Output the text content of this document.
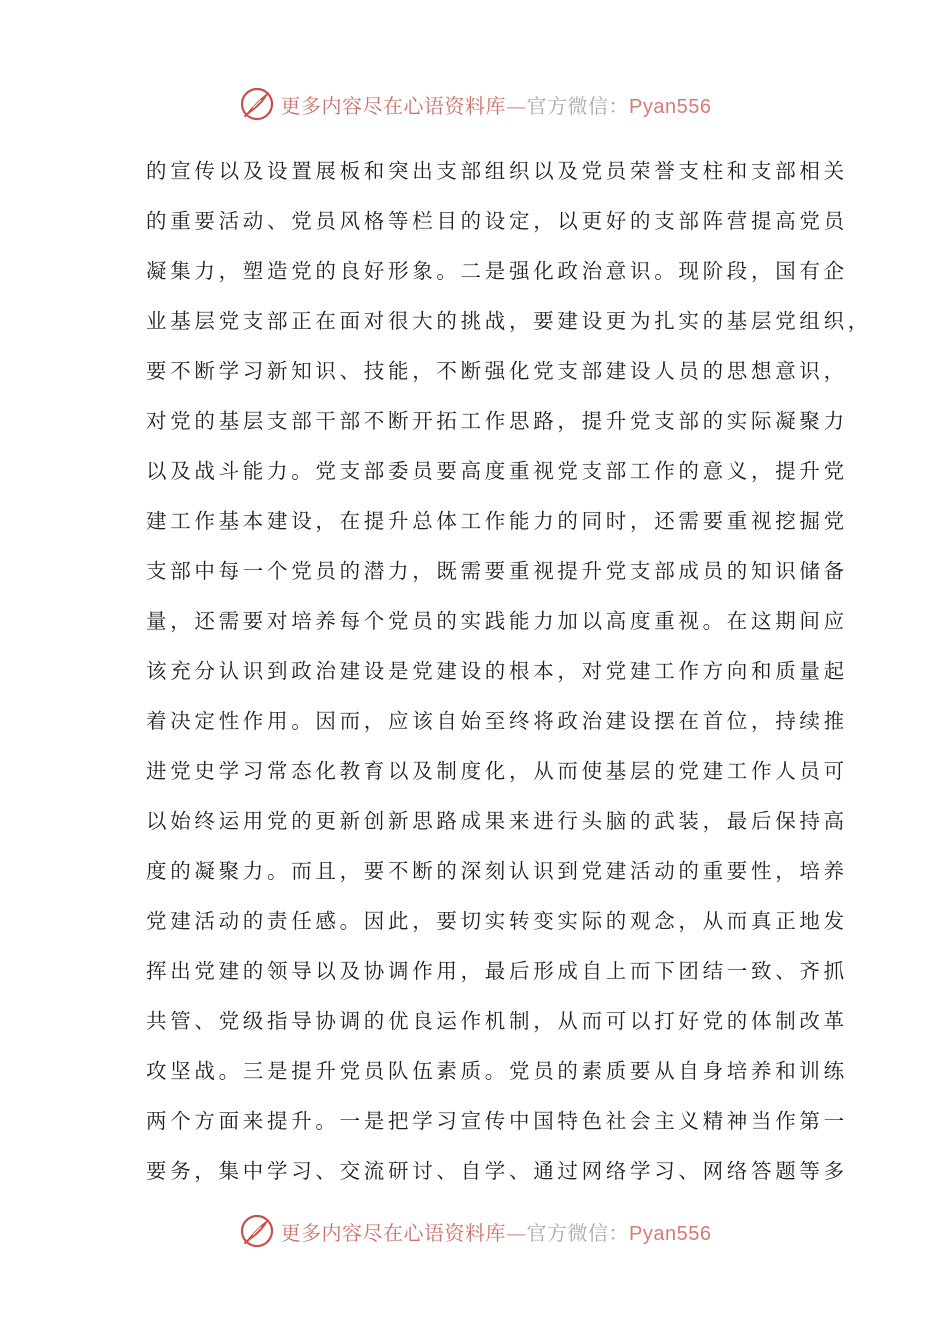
更多内容尽在心语资料库—官方微信：Pyan556
的宣传以及设置展板和突出支部组织以及党员荣誉支柱和支部相关
的重要活动、党员风格等栏目的设定，以更好的支部阵营提高党员
凝集力，塑造党的良好形象。二是强化政治意识。现阶段，国有企
业基层党支部正在面对很大的挑战，要建设更为扎实的基层党组织，
要不断学习新知识、技能，不断强化党支部建设人员的思想意识，
对党的基层支部干部不断开拓工作思路，提升党支部的实际凝聚力
以及战斗能力。党支部委员要高度重视党支部工作的意义，提升党
建工作基本建设，在提升总体工作能力的同时，还需要重视挖掘党
支部中每一个党员的潜力，既需要重视提升党支部成员的知识储备
量，还需要对培养每个党员的实践能力加以高度重视。在这期间应
该充分认识到政治建设是党建设的根本，对党建工作方向和质量起
着决定性作用。因而，应该自始至终将政治建设摆在首位，持续推
进党史学习常态化教育以及制度化，从而使基层的党建工作人员可
以始终运用党的更新创新思路成果来进行头脑的武装，最后保持高
度的凝聚力。而且，要不断的深刻认识到党建活动的重要性，培养
党建活动的责任感。因此，要切实转变实际的观念，从而真正地发
挥出党建的领导以及协调作用，最后形成自上而下团结一致、齐抓
共管、党级指导协调的优良运作机制，从而可以打好党的体制改革
攻坚战。三是提升党员队伍素质。党员的素质要从自身培养和训练
两个方面来提升。一是把学习宣传中国特色社会主义精神当作第一
要务，集中学习、交流研讨、自学、通过网络学习、网络答题等多
更多内容尽在心语资料库—官方微信：Pyan556
